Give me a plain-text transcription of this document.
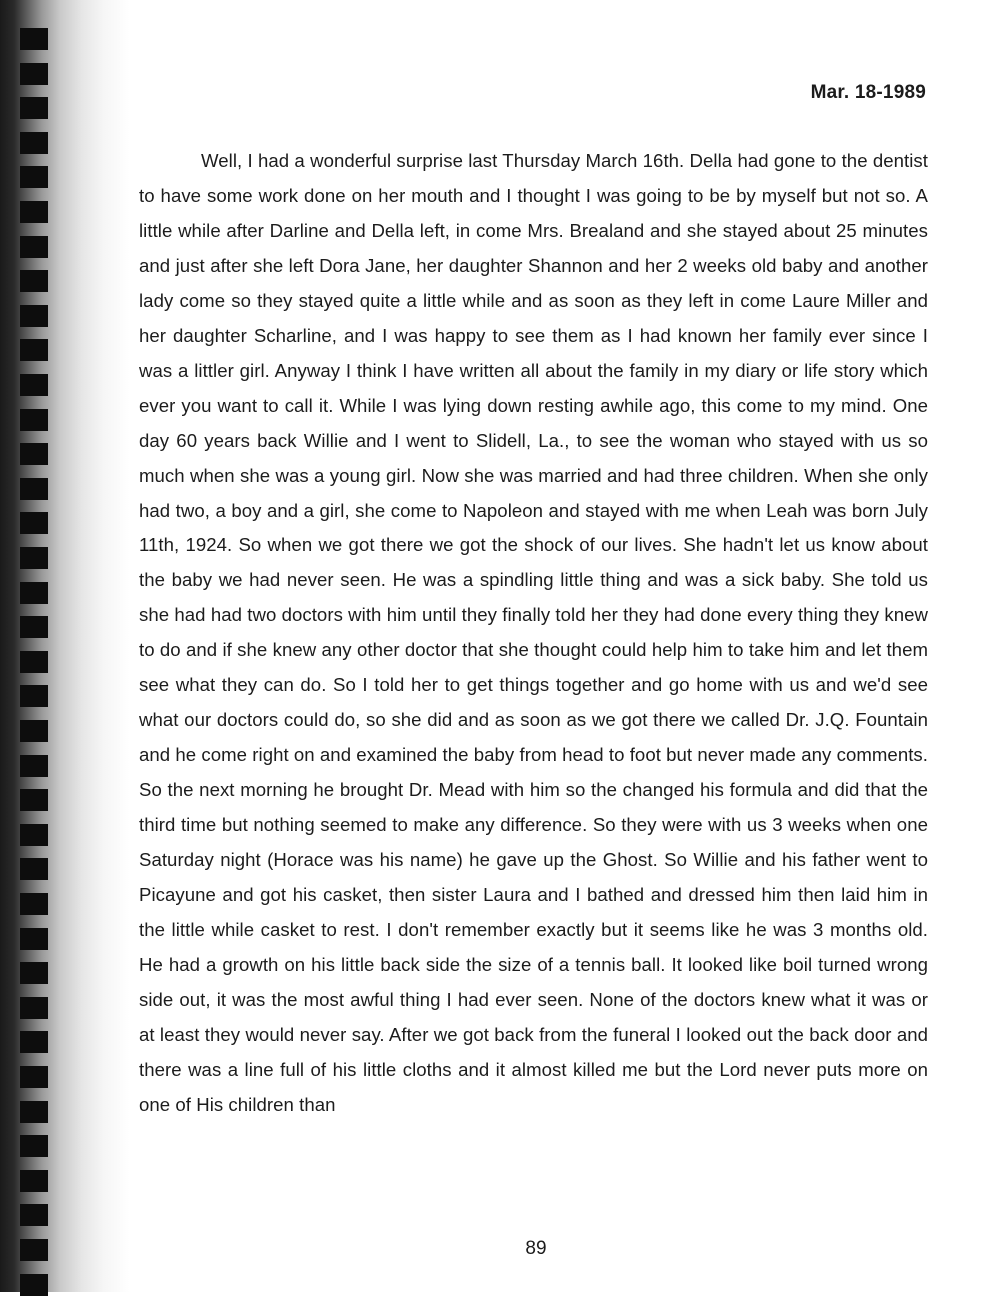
Mar. 18-1989

Well, I had a wonderful surprise last Thursday March 16th. Della had gone to the dentist to have some work done on her mouth and I thought I was going to be by myself but not so. A little while after Darline and Della left, in come Mrs. Brealand and she stayed about 25 minutes and just after she left Dora Jane, her daughter Shannon and her 2 weeks old baby and another lady come so they stayed quite a little while and as soon as they left in come Laure Miller and her daughter Scharline, and I was happy to see them as I had known her family ever since I was a littler girl. Anyway I think I have written all about the family in my diary or life story which ever you want to call it. While I was lying down resting awhile ago, this come to my mind. One day 60 years back Willie and I went to Slidell, La., to see the woman who stayed with us so much when she was a young girl. Now she was married and had three children. When she only had two, a boy and a girl, she come to Napoleon and stayed with me when Leah was born July 11th, 1924. So when we got there we got the shock of our lives. She hadn't let us know about the baby we had never seen. He was a spindling little thing and was a sick baby. She told us she had had two doctors with him until they finally told her they had done every thing they knew to do and if she knew any other doctor that she thought could help him to take him and let them see what they can do. So I told her to get things together and go home with us and we'd see what our doctors could do, so she did and as soon as we got there we called Dr. J.Q. Fountain and he come right on and examined the baby from head to foot but never made any comments. So the next morning he brought Dr. Mead with him so the changed his formula and did that the third time but nothing seemed to make any difference. So they were with us 3 weeks when one Saturday night (Horace was his name) he gave up the Ghost. So Willie and his father went to Picayune and got his casket, then sister Laura and I bathed and dressed him then laid him in the little while casket to rest. I don't remember exactly but it seems like he was 3 months old. He had a growth on his little back side the size of a tennis ball. It looked like boil turned wrong side out, it was the most awful thing I had ever seen. None of the doctors knew what it was or at least they would never say. After we got back from the funeral I looked out the back door and there was a line full of his little cloths and it almost killed me but the Lord never puts more on one of His children than

89
